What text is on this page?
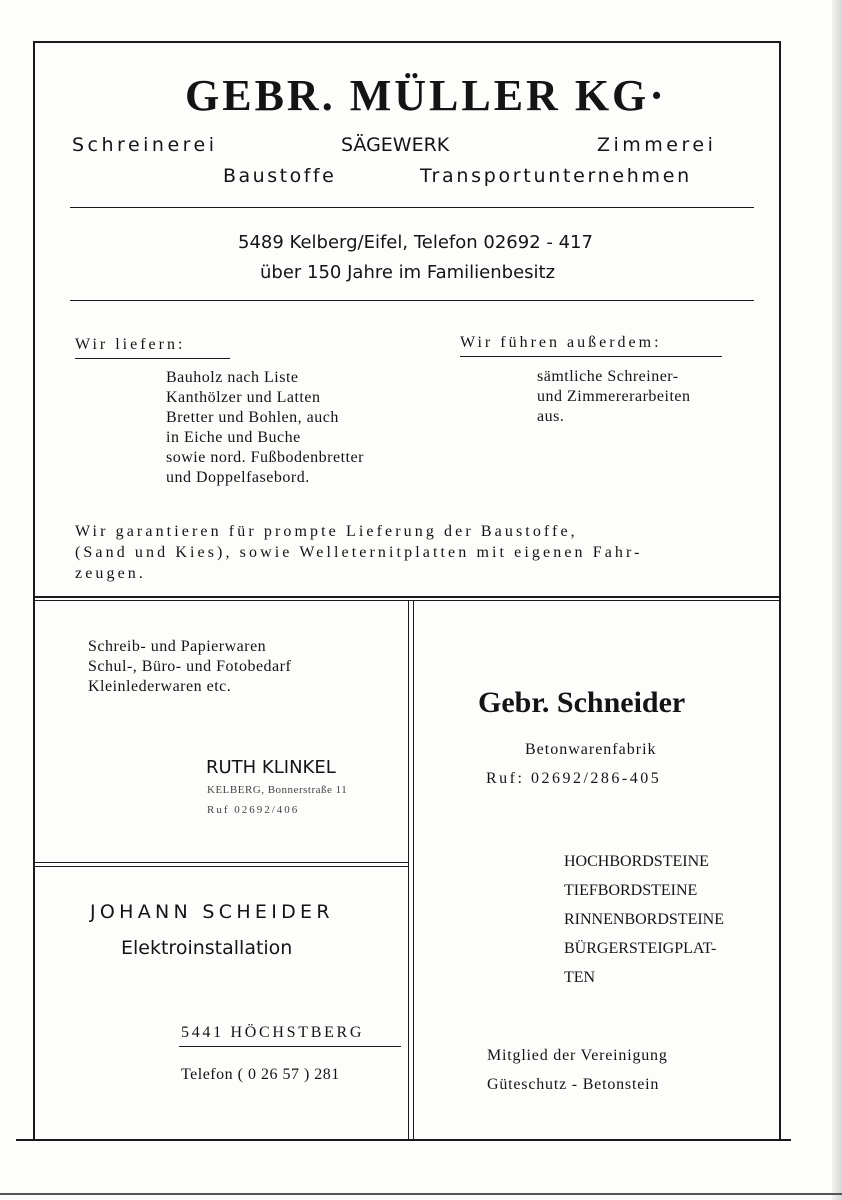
GEBR. MÜLLER KG·
Schreinerei	SÄGEWERK	Zimmerei
Baustoffe	Transportunternehmen
5489 Kelberg/Eifel, Telefon 02692 - 417
über 150 Jahre im Familienbesitz
Wir liefern:
Bauholz nach Liste
Kanthölzer und Latten
Bretter und Bohlen, auch
in Eiche und Buche
sowie nord. Fußbodenbretter
und Doppelfasebord.
Wir führen außerdem:
sämtliche Schreiner-
und Zimmererarbeiten
aus.
Wir garantieren für prompte Lieferung der Baustoffe,
(Sand und Kies), sowie Welleternitplatten mit eigenen Fahr-
zeugen.
Schreib- und Papierwaren
Schul-, Büro- und Fotobedarf
Kleinlederwaren etc.
RUTH KLINKEL
KELBERG, Bonnerstraße 11
Ruf 02692/406
JOHANN SCHEIDER
Elektroinstallation
5441 HÖCHSTBERG
Telefon ( 0 26 57 ) 281
Gebr. Schneider
Betonwarenfabrik
Ruf: 02692/286-405
HOCHBORDSTEINE
TIEFBORDSTEINE
RINNENBORDSTEINE
BÜRGERSTEIGPLAT-
TEN
Mitglied der Vereinigung
Güteschutz - Betonstein
